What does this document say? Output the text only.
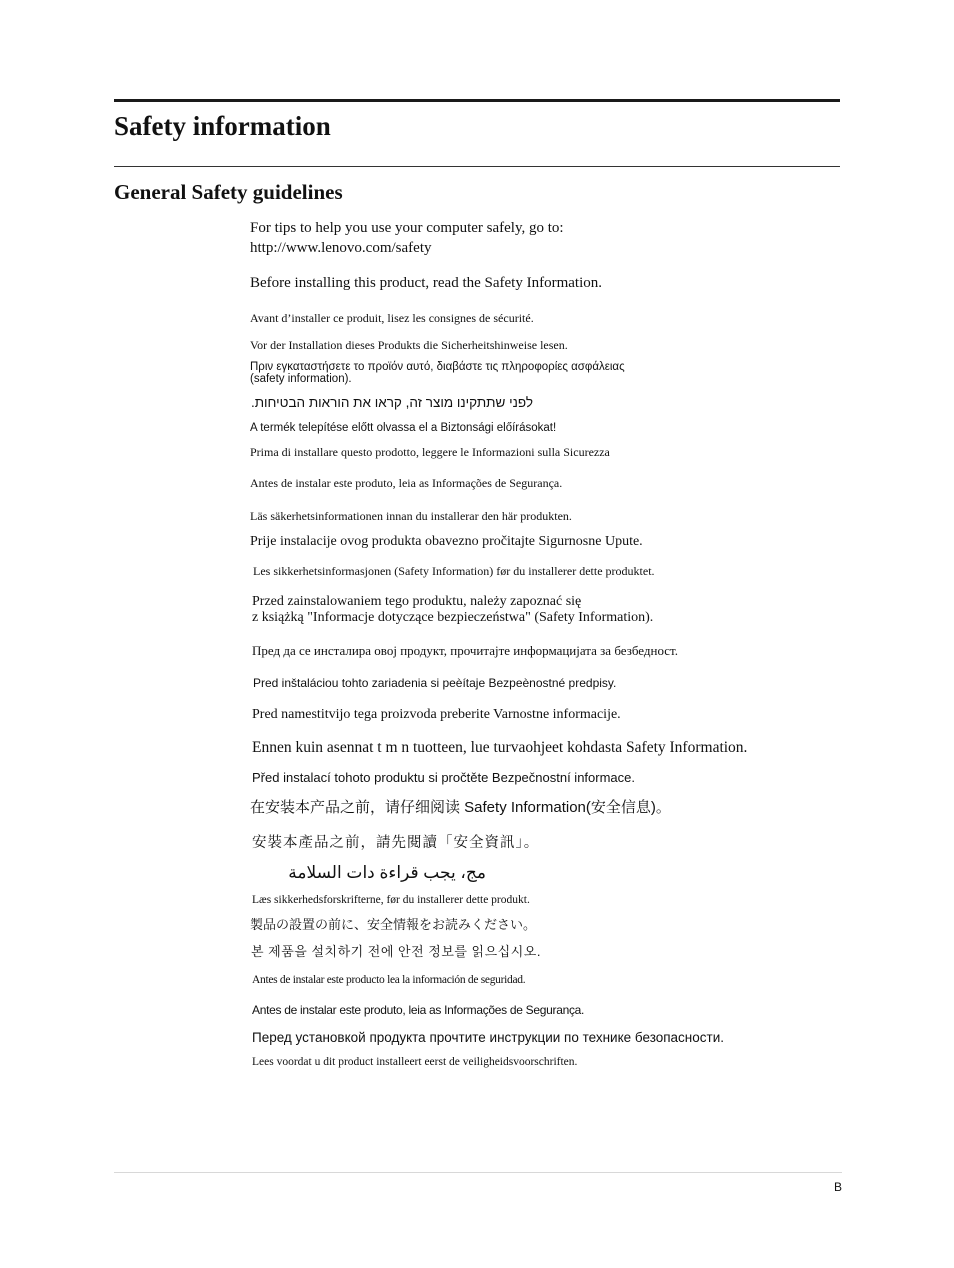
Safety information
General Safety guidelines
For tips to help you use your computer safely, go to:
http://www.lenovo.com/safety
Before installing this product, read the Safety Information.
Avant d’installer ce produit, lisez les consignes de sécurité.
Vor der Installation dieses Produkts die Sicherheitshinweise lesen.
Πριν εγκαταστήσετε το προϊόν αυτό, διαβάστε τις πληροφορίες ασφάλειας
(safety information).
לפני שתתקינו מוצר זה, קראו את הוראות הבטיחות.
A termék telepítése előtt olvassa el a Biztonsági előírásokat!
Prima di installare questo prodotto, leggere le Informazioni sulla Sicurezza
Antes de instalar este produto, leia as Informações de Segurança.
Läs säkerhetsinformationen innan du installerar den här produkten.
Prije instalacije ovog produkta obavezno pročitajte Sigurnosne Upute.
Les sikkerhetsinformasjonen (Safety Information) før du installerer dette produktet.
Przed zainstalowaniem tego produktu, należy zapoznać się
z książką "Informacje dotyczące bezpieczeństwa" (Safety Information).
Пред да се инсталира овој продукт, прочитајте информацијата за безбедност.
Pred inštaláciou tohto zariadenia si peèítaje Bezpeènostné predpisy.
Pred namestitvijo tega proizvoda preberite Varnostne informacije.
Ennen kuin asennat t m n tuotteen, lue turvaohjeet kohdasta Safety Information.
Před instalací tohoto produktu si pročtěte Bezpečnostní informace.
在安装本产品之前，请仔细阅读 Safety Information(安全信息)。
安裝本產品之前，請先閱讀「安全資訊」。
مج، يجب قراءة دات السلامة
Læs sikkerhedsforskrifterne, før du installerer dette produkt.
製品の設置の前に、安全情報をお読みください。
본 제품을 설치하기 전에 안전 정보를 읽으십시오.
Antes de instalar este producto lea la información de seguridad.
Antes de instalar este produto, leia as Informações de Segurança.
Перед установкой продукта прочтите инструкции по технике безопасности.
Lees voordat u dit product installeert eerst de veiligheidsvoorschriften.
B
